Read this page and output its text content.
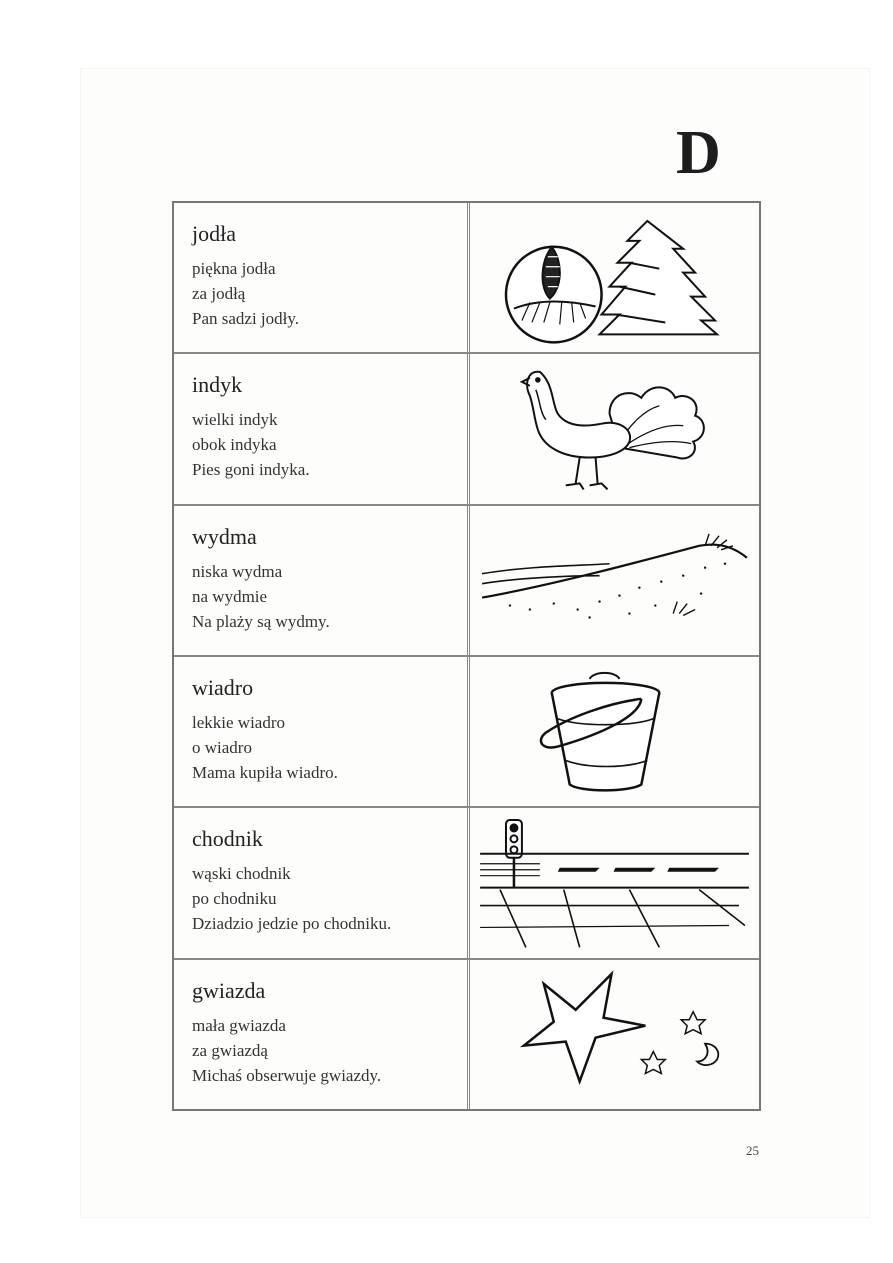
D
jodła
piękna jodła
za jodłą
Pan sadzi jodły.
indyk
wielki indyk
obok indyka
Pies goni indyka.
wydma
niska wydma
na wydmie
Na plaży są wydmy.
wiadro
lekkie wiadro
o wiadro
Mama kupiła wiadro.
chodnik
wąski chodnik
po chodniku
Dziadzio jedzie po chodniku.
gwiazda
mała gwiazda
za gwiazdą
Michaś obserwuje gwiazdy.
25
